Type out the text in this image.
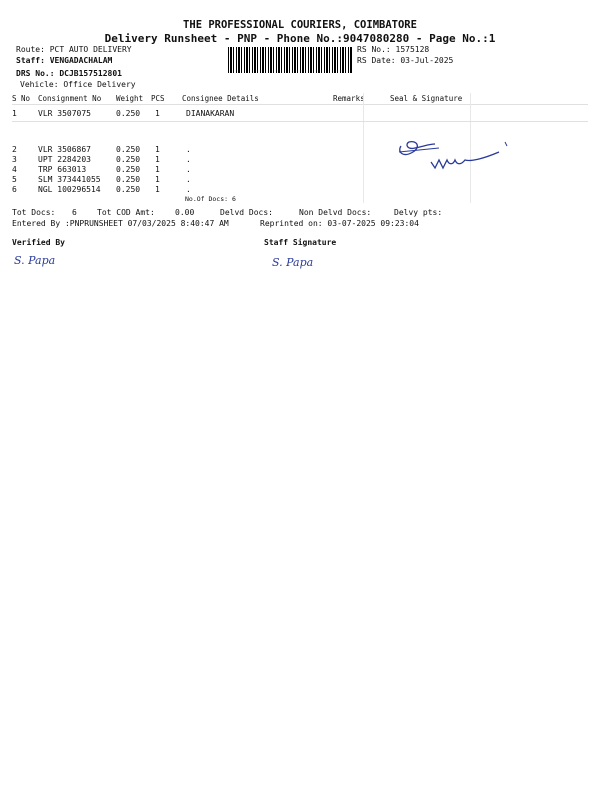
THE PROFESSIONAL COURIERS, COIMBATORE
Delivery Runsheet - PNP - Phone No.:9047080280 - Page No.:1
Route: PCT AUTO DELIVERY
Staff: VENGADACHALAM
DRS No.: DCJB157512801
Vehicle: Office Delivery
RS No.: 1575128
RS Date: 03-Jul-2025
S No Consignment No Weight PCS Consignee Details	Remarks	Seal & Signature
1	VLR 3507075	0.250 1	DIANAKARAN
2	VLR 3506867	0.250 1	.
3	UPT 2284203	0.250 1	.
4	TRP 663013	0.250 1	.
5	SLM 373441055 0.250 1	.
6	NGL 100296514 0.250 1	.
No.Of Docs: 6
Tot Docs: 6	Tot COD Amt:	0.00	Delvd Docs:	Non Delvd Docs:	Delvy pts:
Entered By :PNPRUNSHEET 07/03/2025 8:40:47 AM	Reprinted on: 03-07-2025 09:23:04
Verified By	Staff Signature
S. Papa	S. Papa
